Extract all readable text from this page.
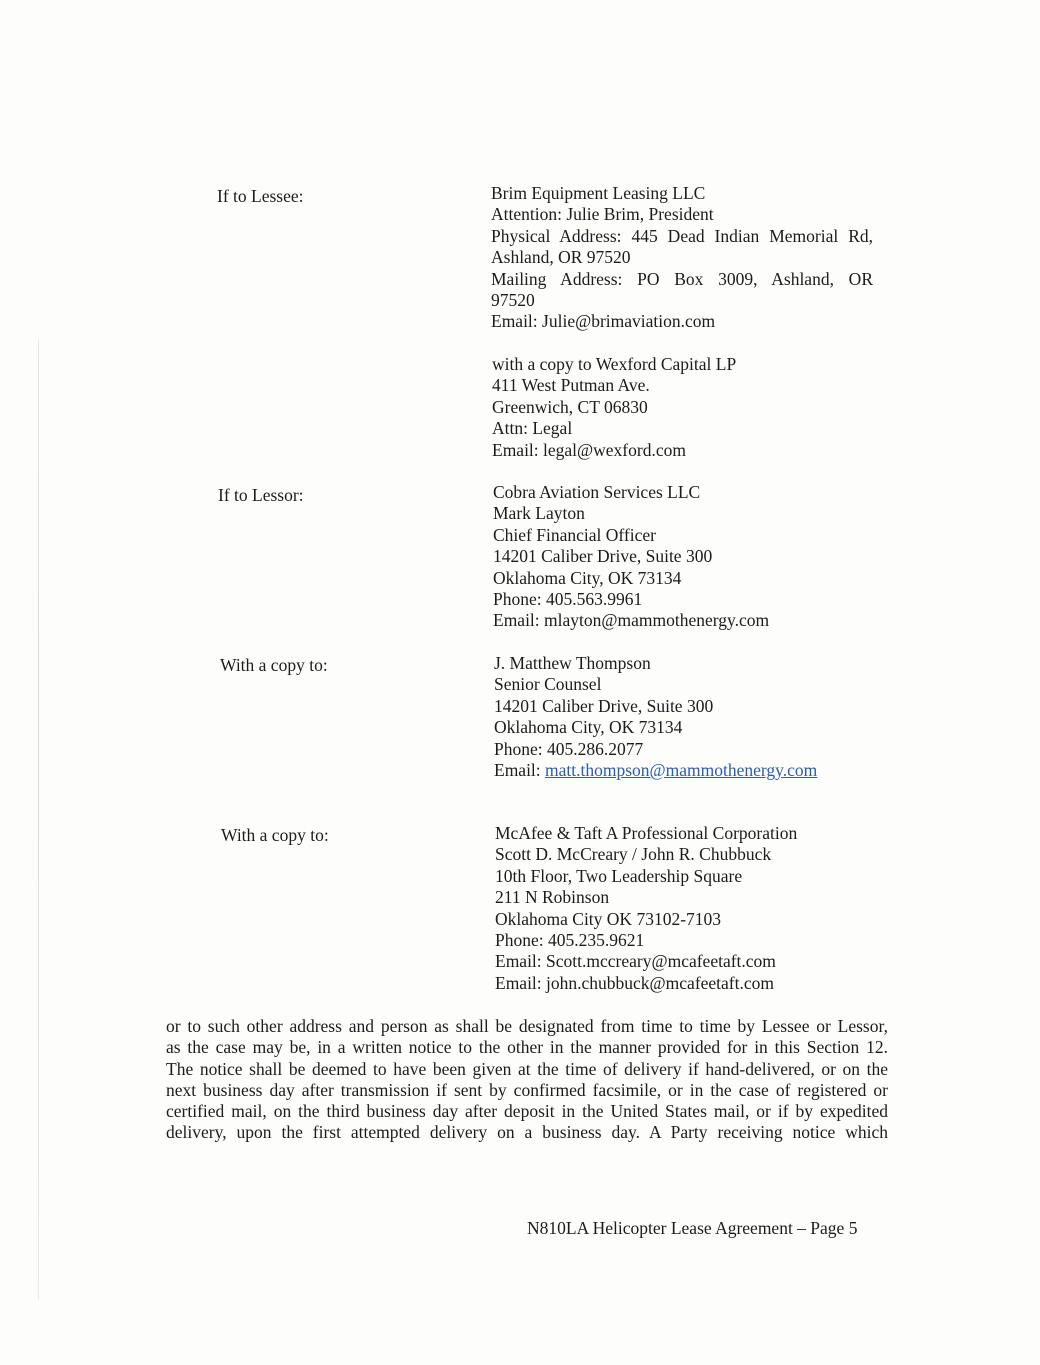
If to Lessee:	Brim Equipment Leasing LLC
Attention: Julie Brim, President
Physical Address: 445 Dead Indian Memorial Rd,
Ashland, OR 97520
Mailing Address: PO Box 3009, Ashland, OR
97520
Email: Julie@brimaviation.com
with a copy to Wexford Capital LP
411 West Putman Ave.
Greenwich, CT 06830
Attn: Legal
Email: legal@wexford.com
If to Lessor:	Cobra Aviation Services LLC
Mark Layton
Chief Financial Officer
14201 Caliber Drive, Suite 300
Oklahoma City, OK 73134
Phone: 405.563.9961
Email: mlayton@mammothenergy.com
With a copy to:	J. Matthew Thompson
Senior Counsel
14201 Caliber Drive, Suite 300
Oklahoma City, OK 73134
Phone: 405.286.2077
Email: matt.thompson@mammothenergy.com
With a copy to:	McAfee & Taft A Professional Corporation
Scott D. McCreary / John R. Chubbuck
10th Floor, Two Leadership Square
211 N Robinson
Oklahoma City OK 73102-7103
Phone: 405.235.9621
Email: Scott.mccreary@mcafeetaft.com
Email: john.chubbuck@mcafeetaft.com
or to such other address and person as shall be designated from time to time by Lessee or Lessor,
as the case may be, in a written notice to the other in the manner provided for in this Section 12.
The notice shall be deemed to have been given at the time of delivery if hand-delivered, or on the
next business day after transmission if sent by confirmed facsimile, or in the case of registered or
certified mail, on the third business day after deposit in the United States mail, or if by expedited
delivery, upon the first attempted delivery on a business day. A Party receiving notice which
N810LA Helicopter Lease Agreement – Page 5
